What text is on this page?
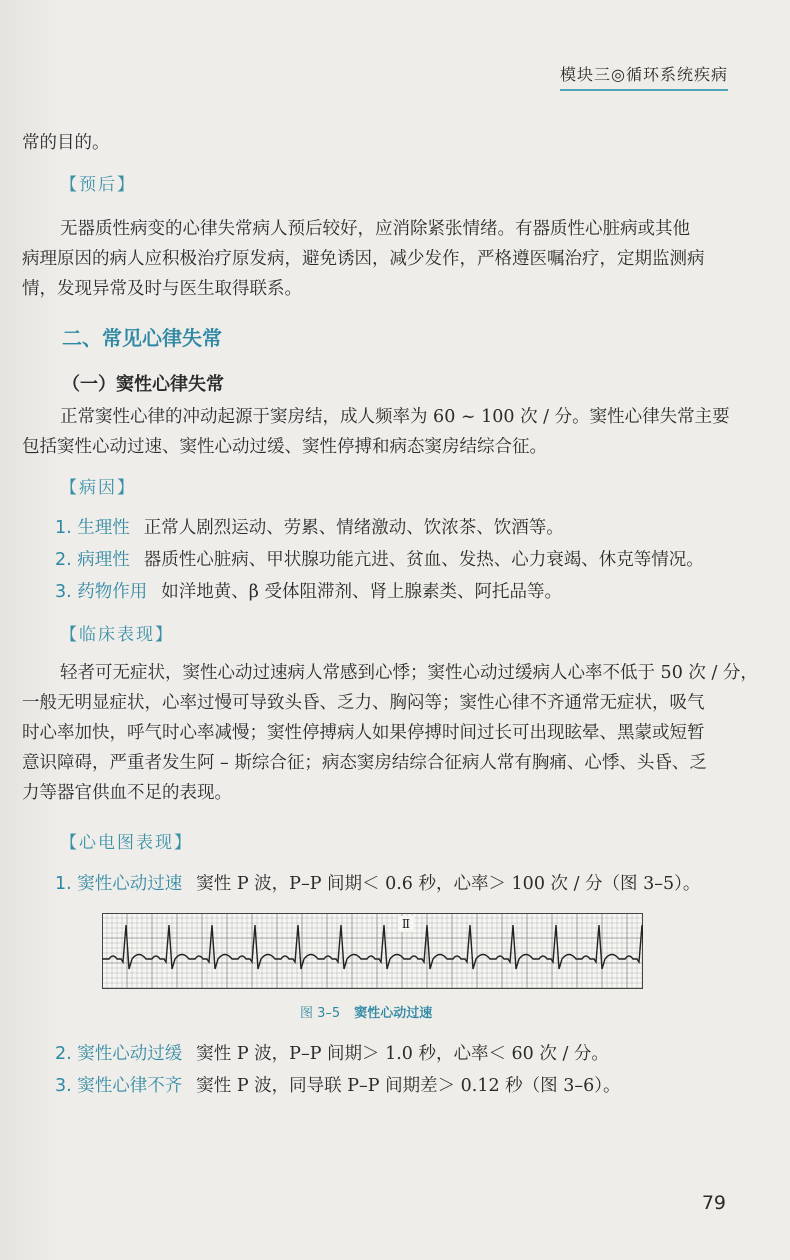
模块三◎循环系统疾病
常的目的。
【预后】
无器质性病变的心律失常病人预后较好，应消除紧张情绪。有器质性心脏病或其他
病理原因的病人应积极治疗原发病，避免诱因，减少发作，严格遵医嘱治疗，定期监测病
情，发现异常及时与医生取得联系。
二、常见心律失常
（一）窦性心律失常
正常窦性心律的冲动起源于窦房结，成人频率为 60 ~ 100 次 / 分。窦性心律失常主要
包括窦性心动过速、窦性心动过缓、窦性停搏和病态窦房结综合征。
【病因】
1. 生理性 正常人剧烈运动、劳累、情绪激动、饮浓茶、饮酒等。
2. 病理性 器质性心脏病、甲状腺功能亢进、贫血、发热、心力衰竭、休克等情况。
3. 药物作用 如洋地黄、β 受体阻滞剂、肾上腺素类、阿托品等。
【临床表现】
轻者可无症状，窦性心动过速病人常感到心悸；窦性心动过缓病人心率不低于 50 次 / 分，
一般无明显症状，心率过慢可导致头昏、乏力、胸闷等；窦性心律不齐通常无症状，吸气
时心率加快，呼气时心率减慢；窦性停搏病人如果停搏时间过长可出现眩晕、黑蒙或短暂
意识障碍，严重者发生阿 – 斯综合征；病态窦房结综合征病人常有胸痛、心悸、头昏、乏
力等器官供血不足的表现。
【心电图表现】
1. 窦性心动过速 窦性 P 波，P–P 间期＜ 0.6 秒，心率＞ 100 次 / 分（图 3–5）。
Ⅱ
图 3–5 窦性心动过速
2. 窦性心动过缓 窦性 P 波，P–P 间期＞ 1.0 秒，心率＜ 60 次 / 分。
3. 窦性心律不齐 窦性 P 波，同导联 P–P 间期差＞ 0.12 秒（图 3–6）。
79
